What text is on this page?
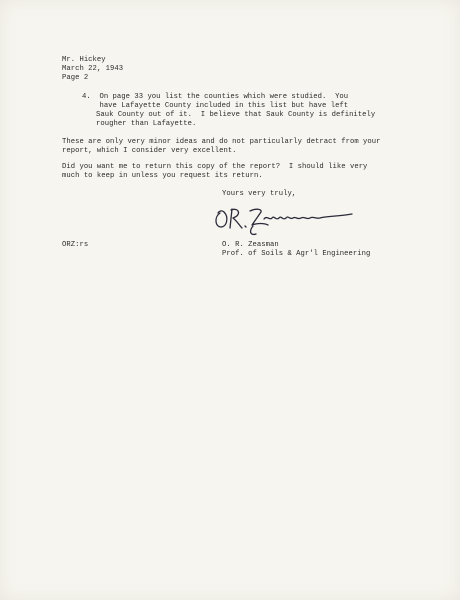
Mr. Hickey
March 22, 1943
Page 2
4.  On page 33 you list the counties which were studied.  You
have Lafayette County included in this list but have left
Sauk County out of it.  I believe that Sauk County is definitely
rougher than Lafayette.
These are only very minor ideas and do not particularly detract from your
report, which I consider very excellent.
Did you want me to return this copy of the report?  I should like very
much to keep in unless you request its return.
Yours very truly,
ORZ:rs	O. R. Zeasman
Prof. of Soils & Agr'l Engineering
